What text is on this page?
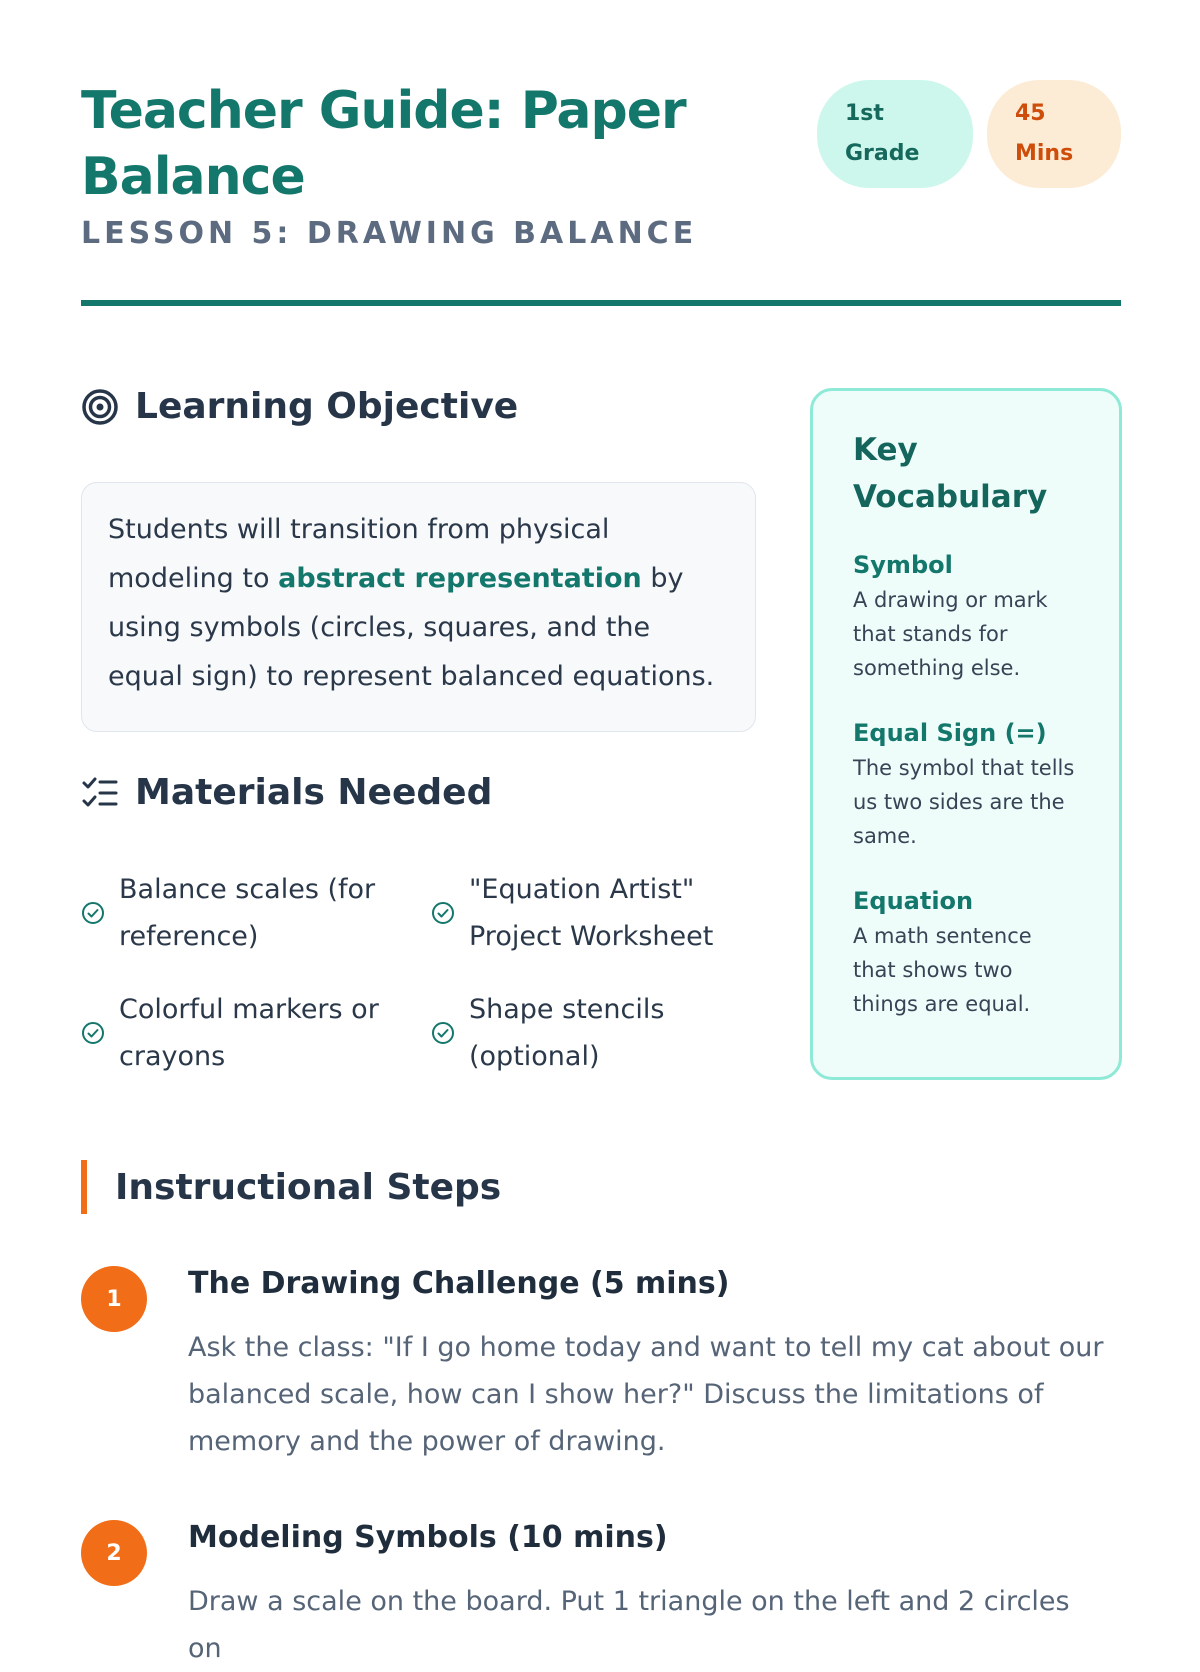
Teacher Guide: Paper Balance
LESSON 5: DRAWING BALANCE
1st Grade
45 Mins
Learning Objective
Students will transition from physical modeling to abstract representation by using symbols (circles, squares, and the equal sign) to represent balanced equations.
Materials Needed
Balance scales (for reference)
"Equation Artist" Project Worksheet
Colorful markers or crayons
Shape stencils (optional)
Key Vocabulary
Symbol
A drawing or mark that stands for something else.
Equal Sign (=)
The symbol that tells us two sides are the same.
Equation
A math sentence that shows two things are equal.
Instructional Steps
1	The Drawing Challenge (5 mins)
Ask the class: "If I go home today and want to tell my cat about our balanced scale, how can I show her?" Discuss the limitations of memory and the power of drawing.
2	Modeling Symbols (10 mins)
Draw a scale on the board. Put 1 triangle on the left and 2 circles on
